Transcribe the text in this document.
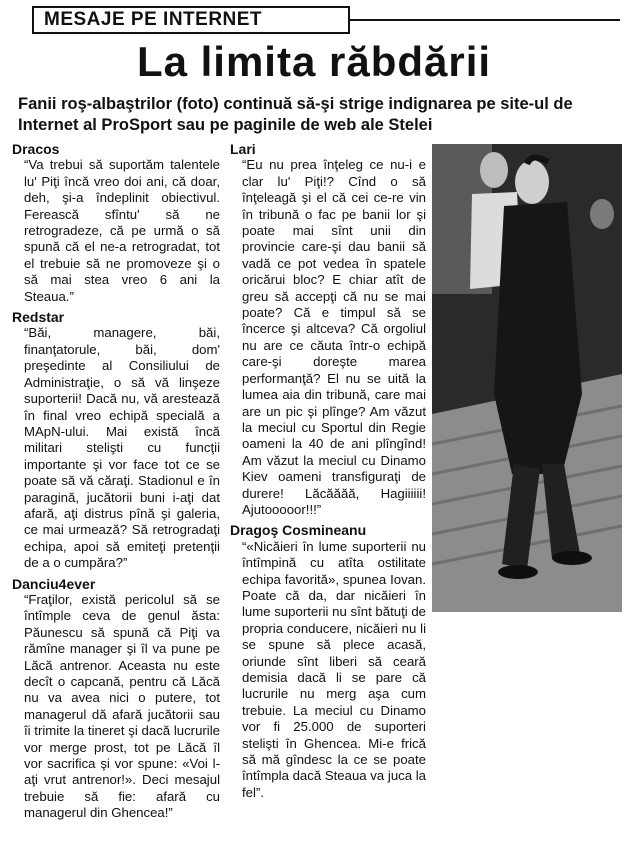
MESAJE PE INTERNET
La limita răbdării
Fanii roş-albaştrilor (foto) continuă să-şi strige indignarea pe site-ul de Internet al ProSport sau pe paginile de web ale Stelei
Dracos

“Va trebui să suportăm talentele lu' Piţi încă vreo doi ani, că doar, deh, şi-a îndeplinit obiectivul. Ferească sfîntu' să ne retrogradeze, că pe urmă o să spună că el ne-a retrogradat, tot el trebuie să ne promoveze şi o să mai stea vreo 6 ani la Steaua.”

Redstar

“Băi, managere, băi, finanţatorule, băi, dom' preşedinte al Consiliului de Administraţie, o să vă linşeze suporterii! Dacă nu, vă arestează în final vreo echipă specială a MApN-ului. Mai există încă militari stelişti cu funcţii importante şi vor face tot ce se poate să vă căraţi. Stadionul e în paragină, jucătorii buni i-aţi dat afară, aţi distrus pînă şi galeria, ce mai urmează? Să retrogradaţi echipa, apoi să emiteţi pretenţii de a o cumpăra?”

Danciu4ever

“Fraţilor, există pericolul să se întîmple ceva de genul ăsta: Păunescu să spună că Piţi va rămîne manager şi îl va pune pe Lăcă antrenor. Aceasta nu este decît o capcană, pentru că Lăcă nu va avea nici o putere, tot managerul dă afară jucătorii sau îi trimite la tineret şi dacă lucrurile vor merge prost, tot pe Lăcă îl vor sacrifica şi vor spune: «Voi l-aţi vrut antrenor!». Deci mesajul trebuie să fie: afară cu managerul din Ghencea!”

Lari

“Eu nu prea înţeleg ce nu-i e clar lu' Piţi!? Cînd o să înţeleagă şi el că cei ce-re vin în tribună o fac pe banii lor şi poate mai sînt unii din provincie care-şi dau banii să vadă ce pot vedea în spatele oricărui bloc? E chiar atît de greu să accepţi că nu se mai poate? Că e timpul să se încerce şi altceva? Că orgoliul nu are ce căuta într-o echipă care-şi doreşte marea performanţă? El nu se uită la lumea aia din tribună, care mai are un pic şi plînge? Am văzut la meciul cu Sportul din Regie oameni la 40 de ani plîngînd! Am văzut la meciul cu Dinamo Kiev oameni transfiguraţi de durere! Lăcăăăă, Hagiiiiii! Ajutooooor!!!”

Dragoş Cosmineanu

“«Nicăieri în lume suporterii nu întîmpină cu atîta ostilitate echipa favorită», spunea Iovan. Poate că da, dar nicăieri în lume suporterii nu sînt bătuţi de propria conducere, nicăieri nu li se spune să plece acasă, oriunde sînt liberi să ceară demisia dacă li se pare că lucrurile nu merg aşa cum trebuie. La meciul cu Dinamo vor fi 25.000 de suporteri stelişti în Ghencea. Mi-e frică să mă gîndesc la ce se poate întîmpla dacă Steaua va juca la fel”.
